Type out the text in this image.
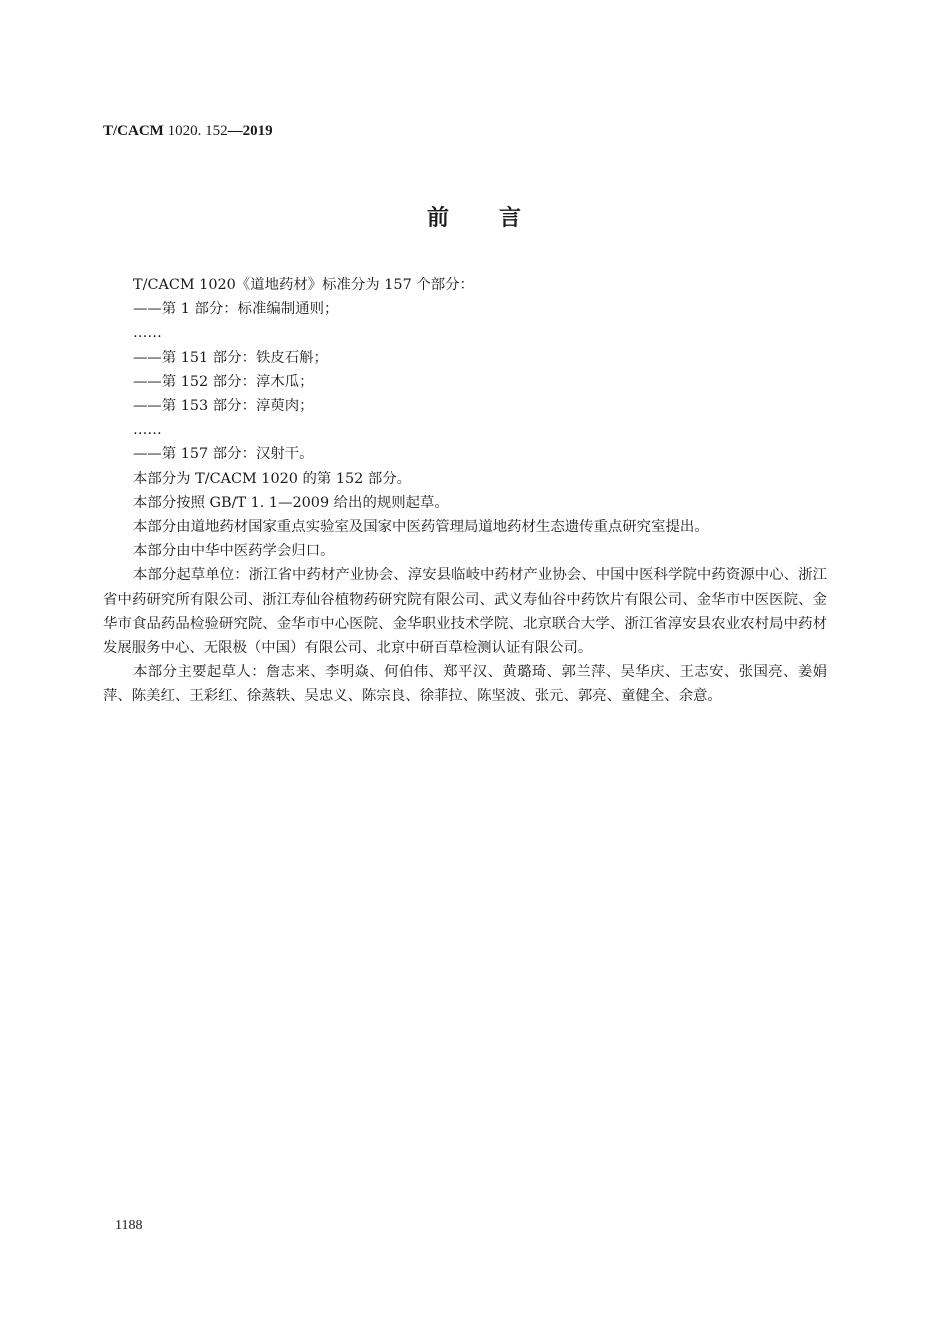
T/CACM 1020. 152—2019
前 言

T/CACM 1020《道地药材》标准分为 157 个部分：

——第 1 部分：标准编制通则；

……

——第 151 部分：铁皮石斛；

——第 152 部分：淳木瓜；

——第 153 部分：淳萸肉；

……

——第 157 部分：汉射干。

本部分为 T/CACM 1020 的第 152 部分。

本部分按照 GB/T 1. 1—2009 给出的规则起草。

本部分由道地药材国家重点实验室及国家中医药管理局道地药材生态遗传重点研究室提出。

本部分由中华中医药学会归口。

本部分起草单位：浙江省中药材产业协会、淳安县临岐中药材产业协会、中国中医科学院中药资源中心、浙江省中药研究所有限公司、浙江寿仙谷植物药研究院有限公司、武义寿仙谷中药饮片有限公司、金华市中医医院、金华市食品药品检验研究院、金华市中心医院、金华职业技术学院、北京联合大学、浙江省淳安县农业农村局中药材发展服务中心、无限极（中国）有限公司、北京中研百草检测认证有限公司。

本部分主要起草人：詹志来、李明焱、何伯伟、郑平汉、黄璐琦、郭兰萍、吴华庆、王志安、张国亮、姜娟萍、陈美红、王彩红、徐蒸轶、吴忠义、陈宗良、徐菲拉、陈坚波、张元、郭亮、童健全、余意。

1188
